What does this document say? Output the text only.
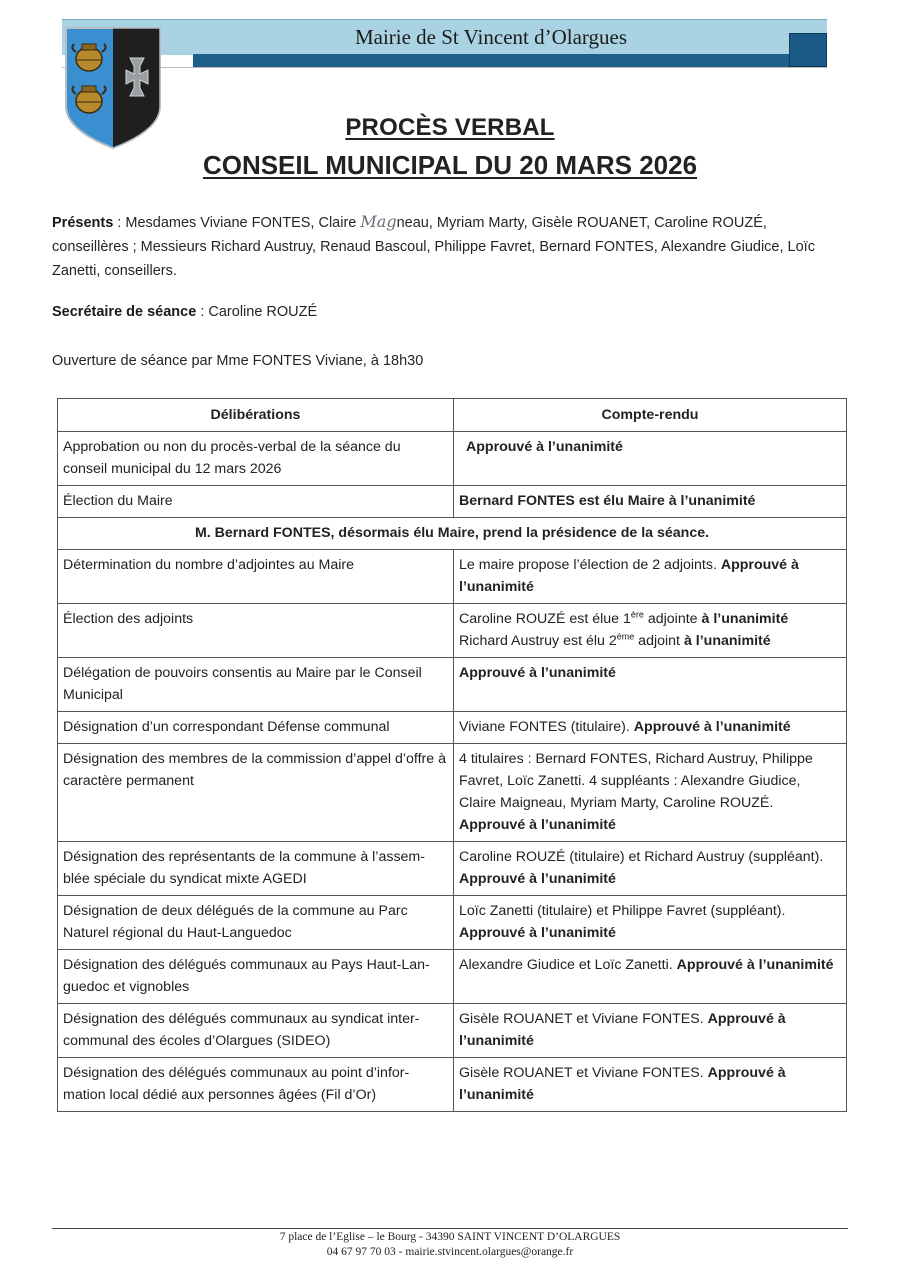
Mairie de St Vincent d’Olargues
PROCÈS VERBAL
CONSEIL MUNICIPAL DU 20 MARS 2026
Présents : Mesdames Viviane FONTES, Claire Magneau, Myriam Marty, Gisèle ROUANET, Caroline ROUZÉ, conseillères ; Messieurs Richard Austruy, Renaud Bascoul, Philippe Favret, Bernard FONTES, Alexandre Giudice, Loïc Zanetti, conseillers.
Secrétaire de séance : Caroline ROUZÉ
Ouverture de séance par Mme FONTES Viviane, à 18h30
Délibérations	Compte-rendu
Approbation ou non du procès-verbal de la séance du conseil municipal du 12 mars 2026	Approuvé à l’unanimité
Élection du Maire	Bernard FONTES est élu Maire à l’unanimité
M. Bernard FONTES, désormais élu Maire, prend la présidence de la séance.	
Détermination du nombre d’adjointes au Maire	Le maire propose l’élection de 2 adjoints. Approuvé à l’unanimité
Élection des adjoints	Caroline ROUZÉ est élue 1ère adjointe à l’unanimité
Richard Austruy est élu 2ème adjoint à l’unanimité

Délégation de pouvoirs consentis au Maire par le Conseil Municipal	Approuvé à l’unanimité
Désignation d’un correspondant Défense communal	Viviane FONTES (titulaire). Approuvé à l’unanimité
Désignation des membres de la commission d’appel d’offre à caractère permanent	4 titulaires : Bernard FONTES, Richard Austruy, Philippe Favret, Loïc Zanetti. 4 suppléants : Alexandre Giudice, Claire Maigneau, Myriam Marty, Caroline ROUZÉ. Approuvé à l’unanimité
Désignation des représentants de la commune à l’assem-blée spéciale du syndicat mixte AGEDI	Caroline ROUZÉ (titulaire) et Richard Austruy (suppléant). Approuvé à l’unanimité
Désignation de deux délégués de la commune au Parc Naturel régional du Haut-Languedoc	Loïc Zanetti (titulaire) et Philippe Favret (suppléant). Approuvé à l’unanimité
Désignation des délégués communaux au Pays Haut-Lan-guedoc et vignobles	Alexandre Giudice et Loïc Zanetti. Approuvé à l’unanimité
Désignation des délégués communaux au syndicat inter-communal des écoles d’Olargues (SIDEO)	Gisèle ROUANET et Viviane FONTES. Approuvé à l’unanimité
Désignation des délégués communaux au point d’infor-mation local dédié aux personnes âgées (Fil d’Or)	Gisèle ROUANET et Viviane FONTES. Approuvé à l’unanimité
7 place de l’Eglise – le Bourg - 34390 SAINT VINCENT D’OLARGUES
04 67 97 70 03 - mairie.stvincent.olargues@orange.fr
